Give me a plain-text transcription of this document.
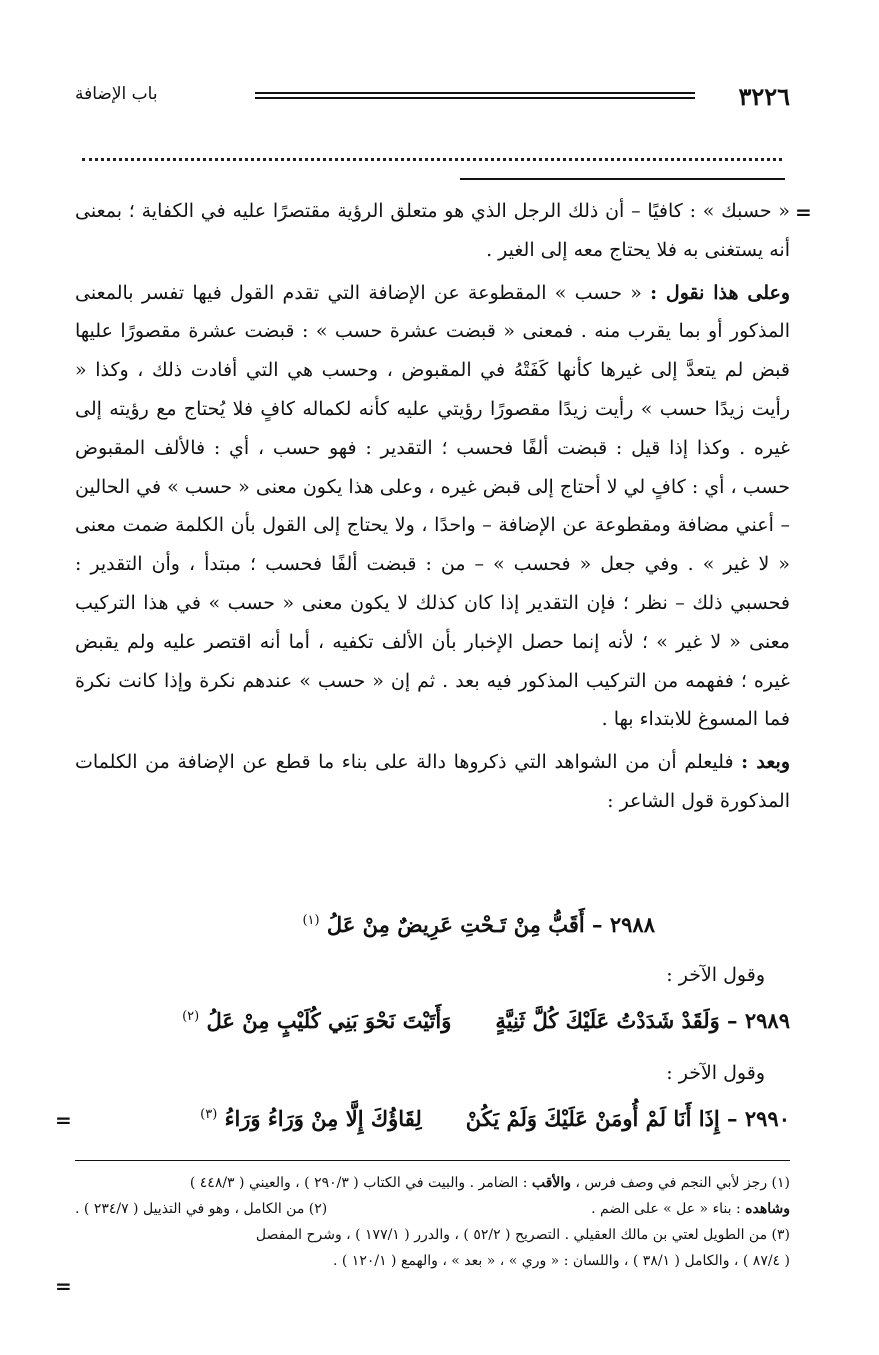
٣٢٢٦
باب الإضافة
=
=
=

« حسبك » : كافيًا – أن ذلك الرجل الذي هو متعلق الرؤية مقتصرًا عليه في الكفاية ؛ بمعنى أنه يستغنى به فلا يحتاج معه إلى الغير .

وعلى هذا نقول : « حسب » المقطوعة عن الإضافة التي تقدم القول فيها تفسر بالمعنى المذكور أو بما يقرب منه . فمعنى « قبضت عشرة حسب » : قبضت عشرة مقصورًا عليها قبض لم يتعدَّ إلى غيرها كأنها كَفَتْهُ في المقبوض ، وحسب هي التي أفادت ذلك ، وكذا « رأيت زيدًا حسب » رأيت زيدًا مقصورًا رؤيتي عليه كأنه لكماله كافٍ فلا يُحتاج مع رؤيته إلى غيره . وكذا إذا قيل : قبضت ألفًا فحسب ؛ التقدير : فهو حسب ، أي : فالألف المقبوض حسب ، أي : كافٍ لي لا أحتاج إلى قبض غيره ، وعلى هذا يكون معنى « حسب » في الحالين – أعني مضافة ومقطوعة عن الإضافة – واحدًا ، ولا يحتاج إلى القول بأن الكلمة ضمت معنى « لا غير » . وفي جعل « فحسب » – من : قبضت ألفًا فحسب ؛ مبتدأ ، وأن التقدير : فحسبي ذلك – نظر ؛ فإن التقدير إذا كان كذلك لا يكون معنى « حسب » في هذا التركيب معنى « لا غير » ؛ لأنه إنما حصل الإخبار بأن الألف تكفيه ، أما أنه اقتصر عليه ولم يقبض غيره ؛ ففهمه من التركيب المذكور فيه بعد . ثم إن « حسب » عندهم نكرة وإذا كانت نكرة فما المسوغ للابتداء بها .

وبعد : فليعلم أن من الشواهد التي ذكروها دالة على بناء ما قطع عن الإضافة من الكلمات المذكورة قول الشاعر :

٢٩٨٨ – أَقَبُّ مِنْ تَـحْتِ عَرِيضٌ مِنْ عَلُ $^{(١)}$
وقول الآخر :
٢٩٨٩ – وَلَقَدْ شَدَدْتُ عَلَيْكَ كُلَّ ثَنِيَّةٍوَأَتَيْتَ نَحْوَ بَنِي كُلَيْبٍ مِنْ عَلُ $^{(٢)}$
وقول الآخر :
٢٩٩٠ – إِذَا أَنَا لَمْ أُومَنْ عَلَيْكَ وَلَمْ يَكُنْلِقَاؤُكَ إِلَّا مِنْ وَرَاءُ وَرَاءُ $^{(٣)}$

(١) رجز لأبي النجم في وصف فرس ، والأقب : الضامر . والبيت في الكتاب ( ٢٩٠/٣ ) ، والعيني ( ٤٤٨/٣ )

وشاهده : بناء « عل » على الضم .
(٢) من الكامل ، وهو في التذييل ( ٢٣٤/٧ ) .

(٣) من الطويل لعتي بن مالك العقيلي . التصريح ( ٥٢/٢ ) ، والدرر ( ١٧٧/١ ) ، وشرح المفصل

( ٨٧/٤ ) ، والكامل ( ٣٨/١ ) ، واللسان : « وري » ، « بعد » ، والهمع ( ١٢٠/١ ) .
